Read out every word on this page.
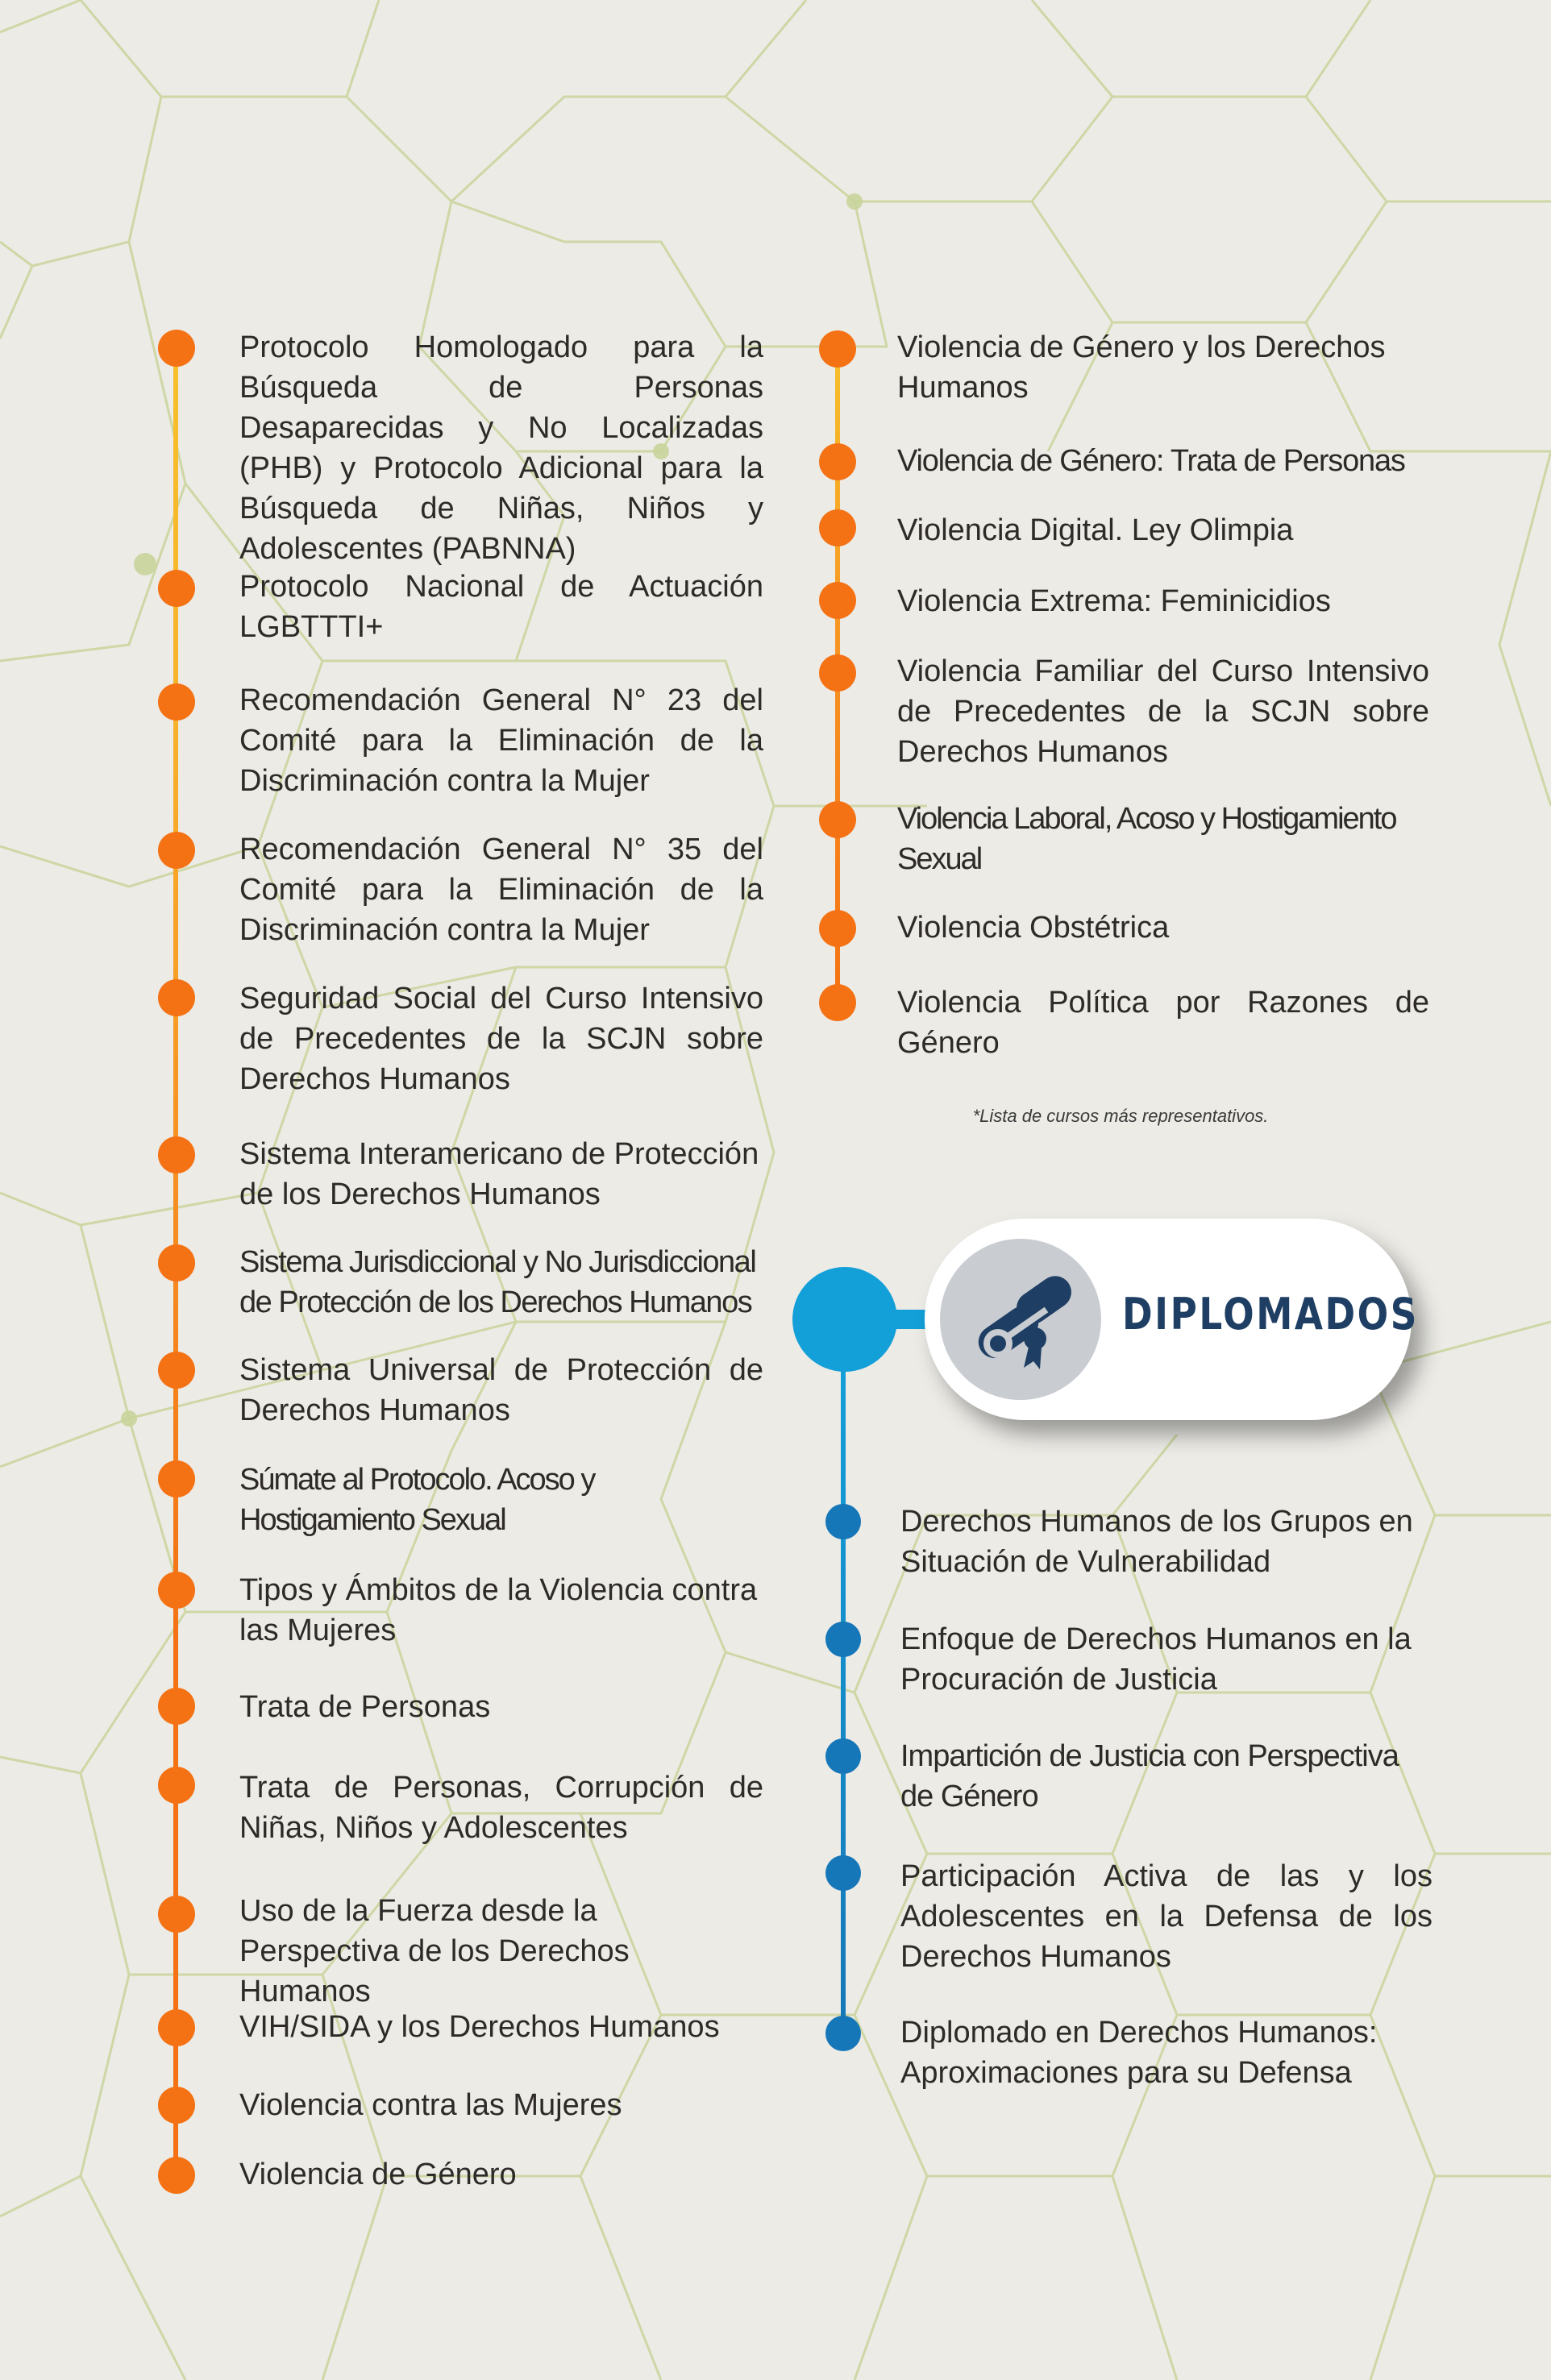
Protocolo Homologado para la Búsqueda de Personas Desaparecidas y No Localizadas (PHB) y Protocolo Adicional para la Búsqueda de Niñas, Niños y Adolescentes (PABNNA)

Protocolo Nacional de Actuación LGBTTTI+

Recomendación General N° 23 del Comité para la Eliminación de la Discriminación contra la Mujer

Recomendación General N° 35 del Comité para la Eliminación de la Discriminación contra la Mujer

Seguridad Social del Curso Intensivo de Precedentes de la SCJN sobre Derechos Humanos

Sistema Interamericano de Protección de los Derechos Humanos

Sistema Jurisdiccional y No Jurisdiccional de Protección de los Derechos Humanos

Sistema Universal de Protección de Derechos Humanos

Súmate al Protocolo. Acoso y Hostigamiento Sexual

Tipos y Ámbitos de la Violencia contra las Mujeres

Trata de Personas

Trata de Personas, Corrupción de Niñas, Niños y Adolescentes

Uso de la Fuerza desde la Perspectiva de los Derechos Humanos

VIH/SIDA y los Derechos Humanos

Violencia contra las Mujeres

Violencia de Género

Violencia de Género y los Derechos Humanos

Violencia de Género: Trata de Personas

Violencia Digital. Ley Olimpia

Violencia Extrema: Feminicidios

Violencia Familiar del Curso Intensivo de Precedentes de la SCJN sobre Derechos Humanos

Violencia Laboral, Acoso y Hostigamiento Sexual

Violencia Obstétrica

Violencia Política por Razones de Género

*Lista de cursos más representativos.
DIPLOMADOS

Derechos Humanos de los Grupos en Situación de Vulnerabilidad

Enfoque de Derechos Humanos en la Procuración de Justicia

Impartición de Justicia con Perspectiva de Género

Participación Activa de las y los Adolescentes en la Defensa de los Derechos Humanos

Diplomado en Derechos Humanos: Aproximaciones para su Defensa
